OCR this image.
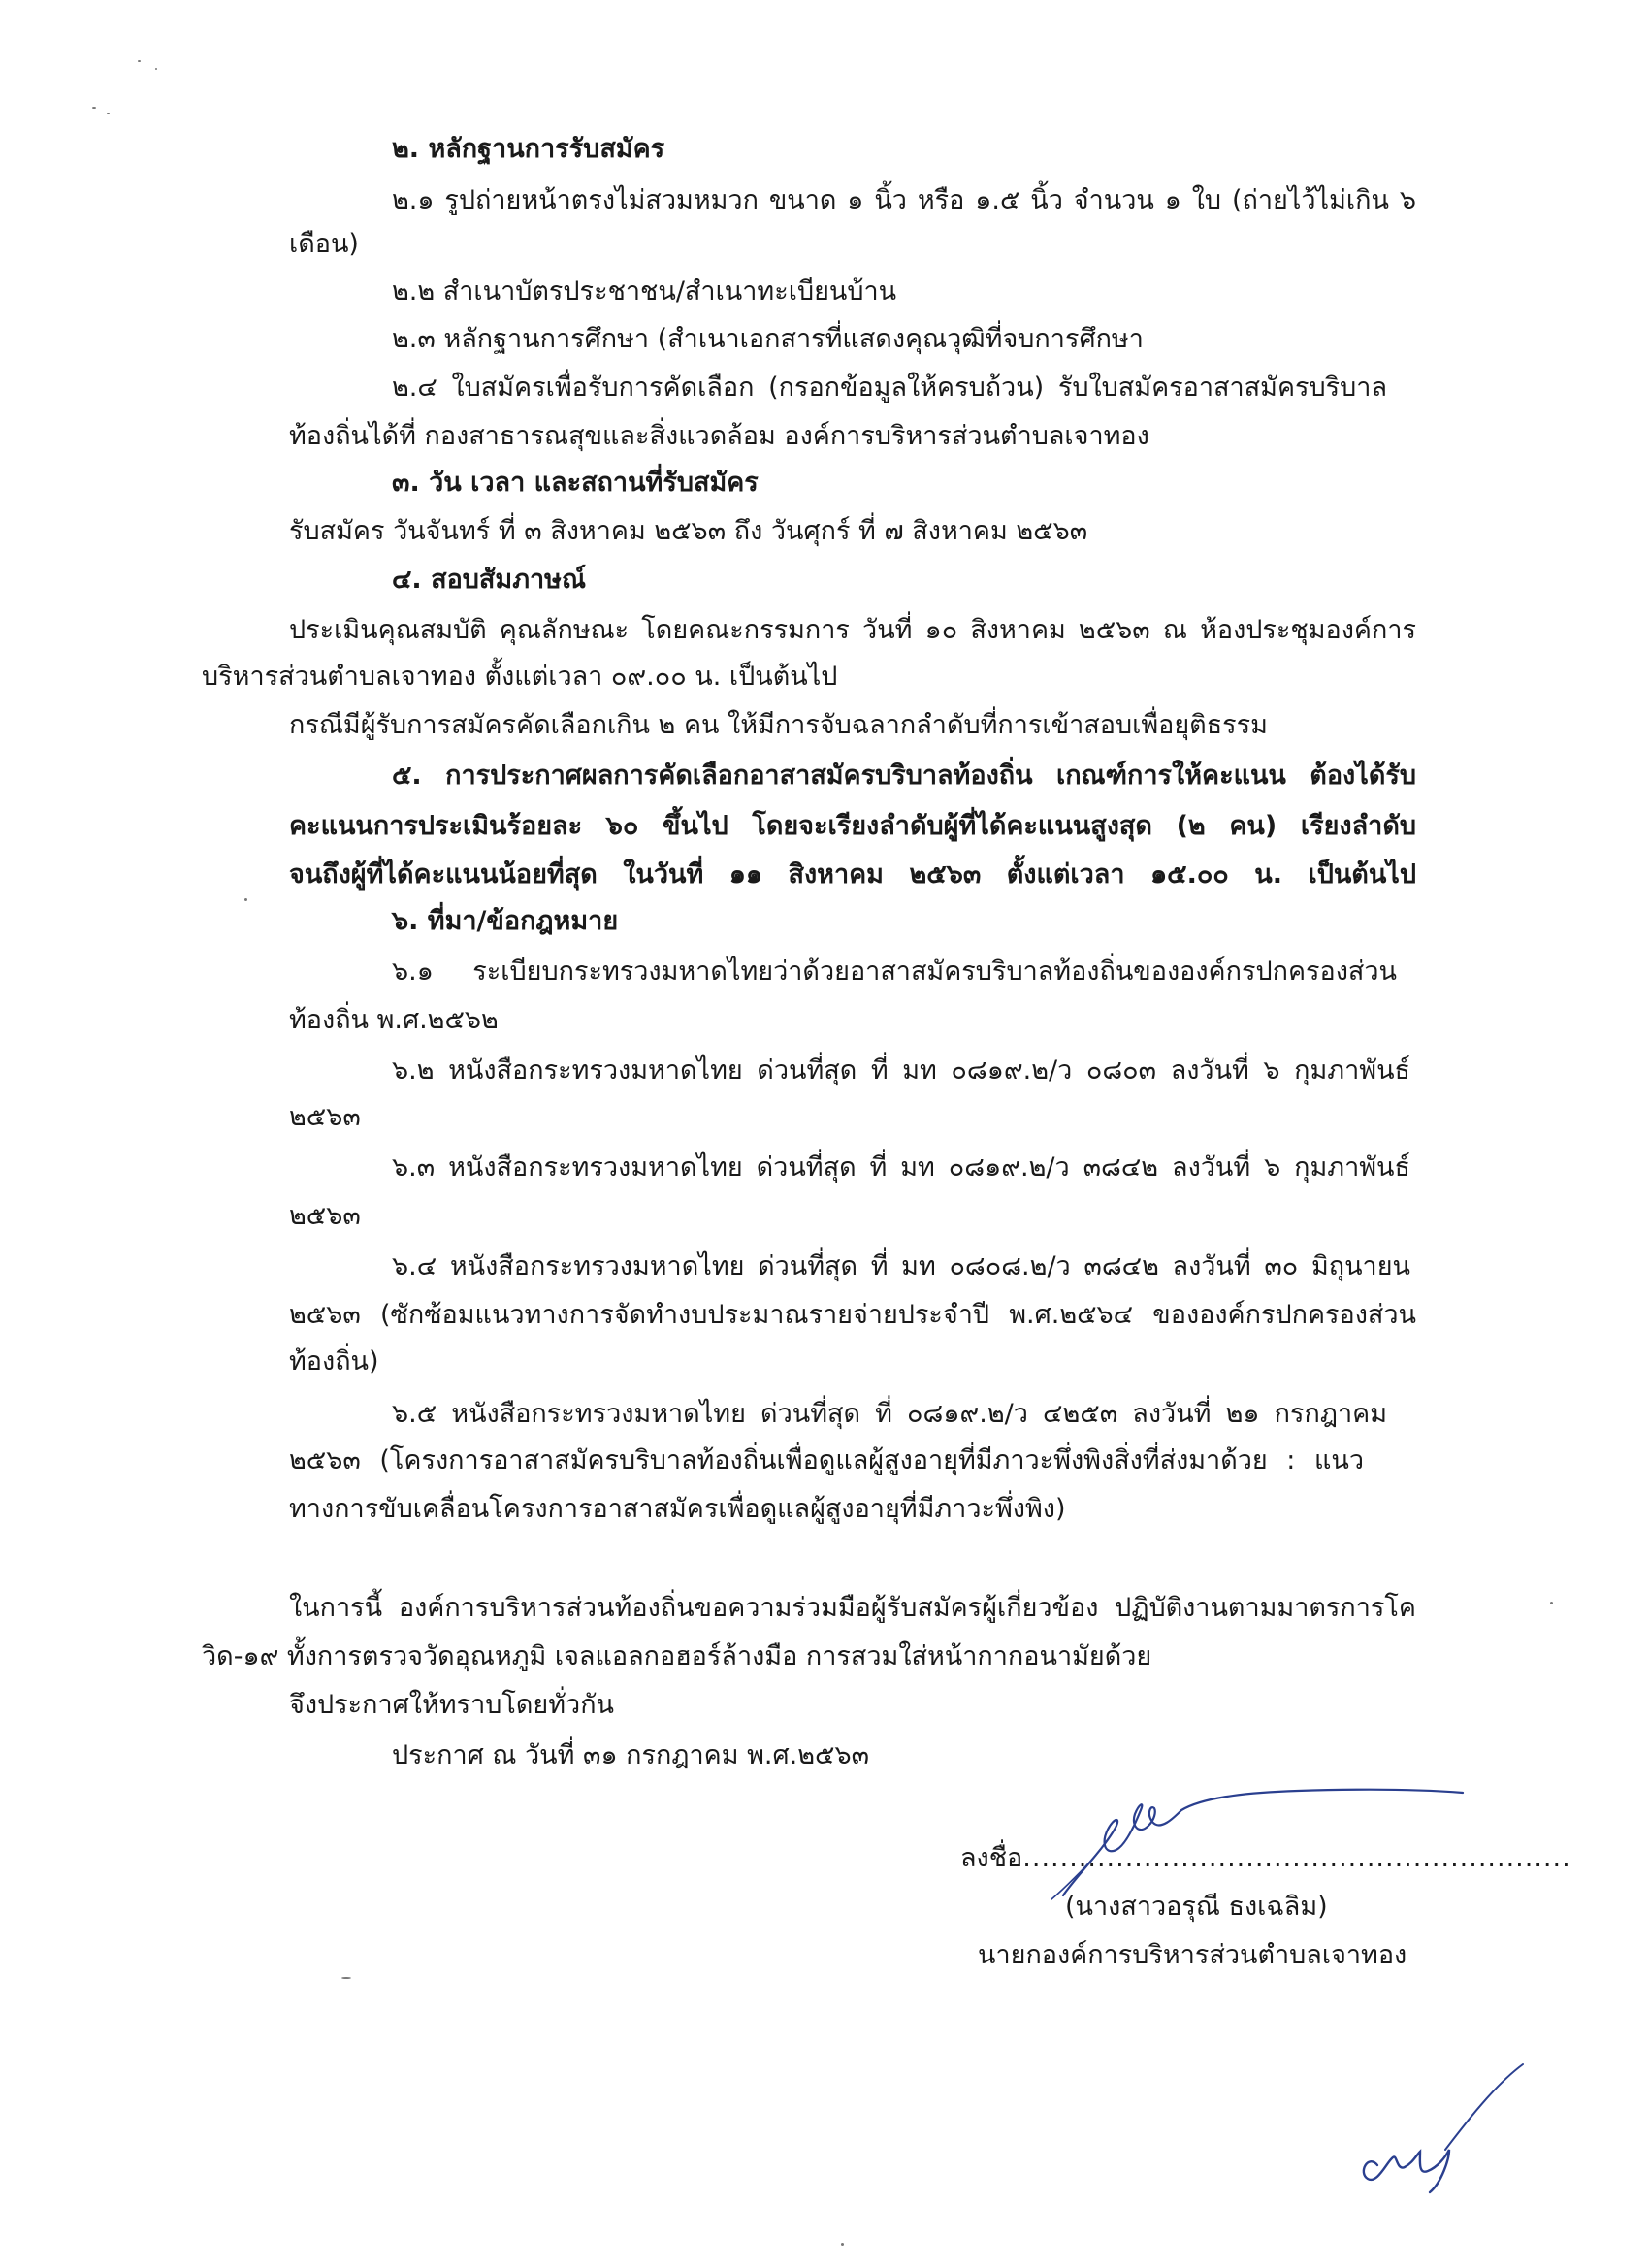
๒. หลักฐานการรับสมัคร

๒.๑ รูปถ่ายหน้าตรงไม่สวมหมวก ขนาด ๑ นิ้ว หรือ ๑.๕ นิ้ว จำนวน ๑ ใบ (ถ่ายไว้ไม่เกิน ๖

เดือน)

๒.๒ สำเนาบัตรประชาชน/สำเนาทะเบียนบ้าน

๒.๓ หลักฐานการศึกษา (สำเนาเอกสารที่แสดงคุณวุฒิที่จบการศึกษา

๒.๔ ใบสมัครเพื่อรับการคัดเลือก (กรอกข้อมูลให้ครบถ้วน) รับใบสมัครอาสาสมัครบริบาล

ท้องถิ่นได้ที่ กองสาธารณสุขและสิ่งแวดล้อม องค์การบริหารส่วนตำบลเจาทอง

๓. วัน เวลา และสถานที่รับสมัคร

รับสมัคร วันจันทร์ ที่ ๓ สิงหาคม ๒๕๖๓ ถึง วันศุกร์ ที่ ๗ สิงหาคม ๒๕๖๓

๔. สอบสัมภาษณ์

ประเมินคุณสมบัติ คุณลักษณะ โดยคณะกรรมการ วันที่ ๑๐ สิงหาคม ๒๕๖๓ ณ ห้องประชุมองค์การ

บริหารส่วนตำบลเจาทอง ตั้งแต่เวลา ๐๙.๐๐ น. เป็นต้นไป

กรณีมีผู้รับการสมัครคัดเลือกเกิน ๒ คน ให้มีการจับฉลากลำดับที่การเข้าสอบเพื่อยุติธรรม

๕. การประกาศผลการคัดเลือกอาสาสมัครบริบาลท้องถิ่น เกณฑ์การให้คะแนน ต้องได้รับ

คะแนนการประเมินร้อยละ ๖๐ ขึ้นไป โดยจะเรียงลำดับผู้ที่ได้คะแนนสูงสุด (๒ คน) เรียงลำดับ

จนถึงผู้ที่ได้คะแนนน้อยที่สุด ในวันที่ ๑๑ สิงหาคม ๒๕๖๓ ตั้งแต่เวลา ๑๕.๐๐ น. เป็นต้นไป

๖. ที่มา/ข้อกฎหมาย

๖.๑ ระเบียบกระทรวงมหาดไทยว่าด้วยอาสาสมัครบริบาลท้องถิ่นขององค์กรปกครองส่วน

ท้องถิ่น พ.ศ.๒๕๖๒

๖.๒ หนังสือกระทรวงมหาดไทย ด่วนที่สุด ที่ มท ๐๘๑๙.๒/ว ๐๘๐๓ ลงวันที่ ๖ กุมภาพันธ์

๒๕๖๓

๖.๓ หนังสือกระทรวงมหาดไทย ด่วนที่สุด ที่ มท ๐๘๑๙.๒/ว ๓๘๔๒ ลงวันที่ ๖ กุมภาพันธ์

๒๕๖๓

๖.๔ หนังสือกระทรวงมหาดไทย ด่วนที่สุด ที่ มท ๐๘๐๘.๒/ว ๓๘๔๒ ลงวันที่ ๓๐ มิถุนายน

๒๕๖๓ (ซักซ้อมแนวทางการจัดทำงบประมาณรายจ่ายประจำปี พ.ศ.๒๕๖๔ ขององค์กรปกครองส่วน

ท้องถิ่น)

๖.๕ หนังสือกระทรวงมหาดไทย ด่วนที่สุด ที่ ๐๘๑๙.๒/ว ๔๒๕๓ ลงวันที่ ๒๑ กรกฎาคม

๒๕๖๓ (โครงการอาสาสมัครบริบาลท้องถิ่นเพื่อดูแลผู้สูงอายุที่มีภาวะพึ่งพิงสิ่งที่ส่งมาด้วย : แนว

ทางการขับเคลื่อนโครงการอาสาสมัครเพื่อดูแลผู้สูงอายุที่มีภาวะพึ่งพิง)

ในการนี้ องค์การบริหารส่วนท้องถิ่นขอความร่วมมือผู้รับสมัครผู้เกี่ยวข้อง ปฏิบัติงานตามมาตรการโค

วิด-๑๙ ทั้งการตรวจวัดอุณหภูมิ เจลแอลกอฮอร์ล้างมือ การสวมใส่หน้ากากอนามัยด้วย

จึงประกาศให้ทราบโดยทั่วกัน

ประกาศ ณ วันที่ ๓๑ กรกฎาคม พ.ศ.๒๕๖๓

ลงชื่อ...........................................................

(นางสาวอรุณี ธงเฉลิม)

นายกองค์การบริหารส่วนตำบลเจาทอง
